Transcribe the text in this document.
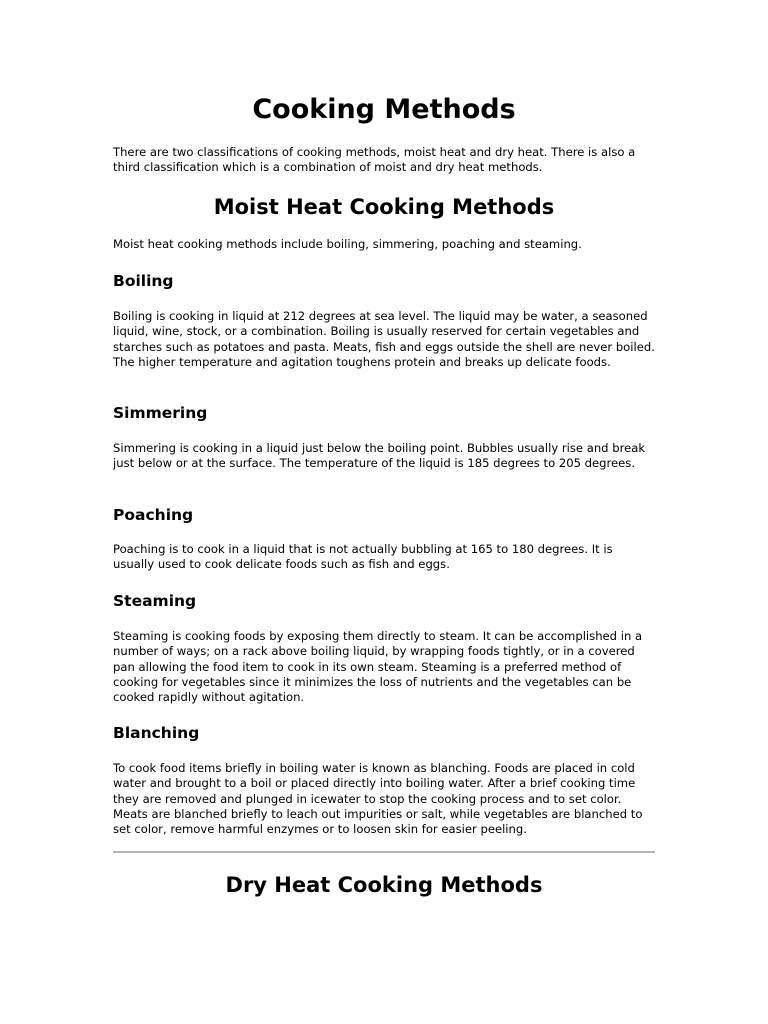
Cooking Methods

There are two classifications of cooking methods, moist heat and dry heat. There is also a third classification which is a combination of moist and dry heat methods.

Moist Heat Cooking Methods

Moist heat cooking methods include boiling, simmering, poaching and steaming.

Boiling

Boiling is cooking in liquid at 212 degrees at sea level. The liquid may be water, a seasoned liquid, wine, stock, or a combination. Boiling is usually reserved for certain vegetables and starches such as potatoes and pasta. Meats, fish and eggs outside the shell are never boiled. The higher temperature and agitation toughens protein and breaks up delicate foods.

Simmering

Simmering is cooking in a liquid just below the boiling point. Bubbles usually rise and break just below or at the surface. The temperature of the liquid is 185 degrees to 205 degrees.

Poaching

Poaching is to cook in a liquid that is not actually bubbling at 165 to 180 degrees. It is usually used to cook delicate foods such as fish and eggs.

Steaming

Steaming is cooking foods by exposing them directly to steam. It can be accomplished in a number of ways; on a rack above boiling liquid, by wrapping foods tightly, or in a covered pan allowing the food item to cook in its own steam. Steaming is a preferred method of cooking for vegetables since it minimizes the loss of nutrients and the vegetables can be cooked rapidly without agitation.

Blanching

To cook food items briefly in boiling water is known as blanching. Foods are placed in cold water and brought to a boil or placed directly into boiling water. After a brief cooking time they are removed and plunged in icewater to stop the cooking process and to set color. Meats are blanched briefly to leach out impurities or salt, while vegetables are blanched to set color, remove harmful enzymes or to loosen skin for easier peeling.

Dry Heat Cooking Methods
